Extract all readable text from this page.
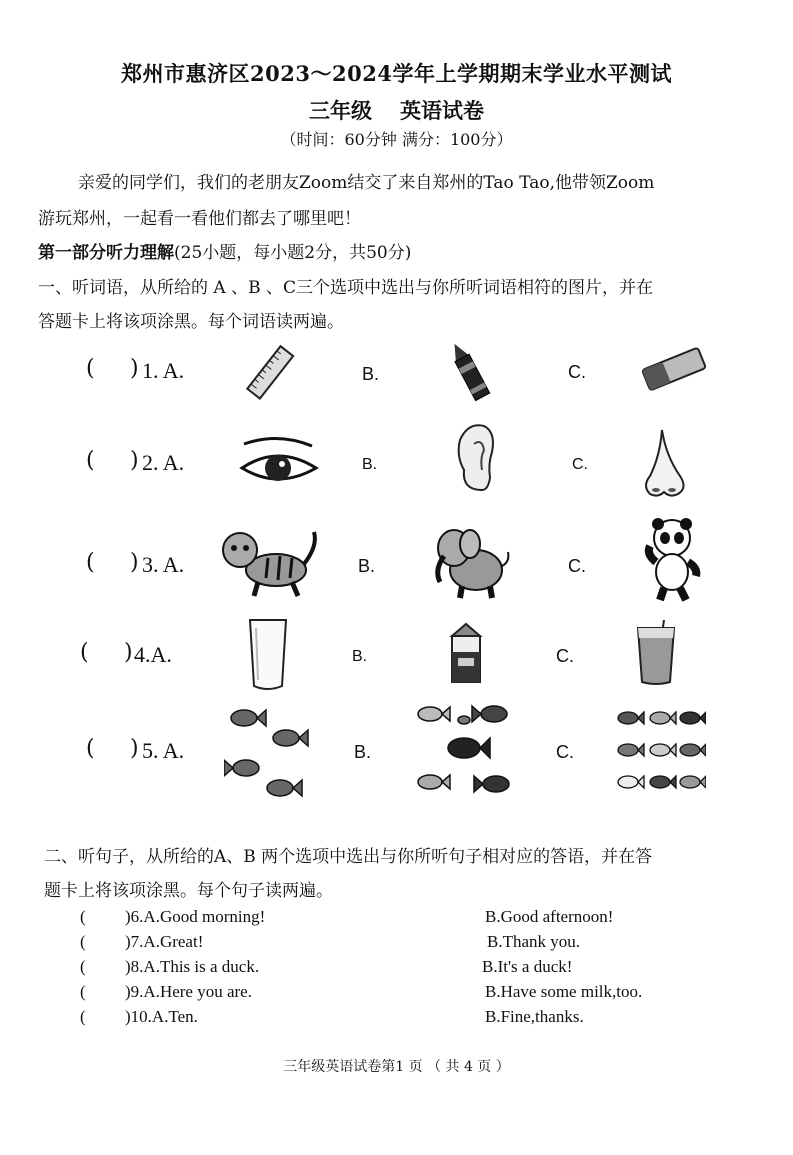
郑州市惠济区2023～2024学年上学期期末学业水平测试
三年级 英语试卷
（时间：60分钟 满分：100分）
亲爱的同学们，我们的老朋友Zoom结交了来自郑州的Tao Tao,他带领Zoom
游玩郑州，一起看一看他们都去了哪里吧！
第一部分听力理解(25小题，每小题2分，共50分)
一、听词语，从所给的 A 、B 、C三个选项中选出与你所听词语相符的图片，并在
答题卡上将该项涂黑。每个词语读两遍。
( ) 1. A.	B.	C.
( ) 2. A.	B.	C.
( ) 3. A.	B.	C.
( ) 4.A.	B.	C.
( ) 5. A.	B.	C.
二、听句子，从所给的A、B 两个选项中选出与你所听句子相对应的答语，并在答
题卡上将该项涂黑。每个句子读两遍。
( )6.A.Good morning!	B.Good afternoon!
( )7.A.Great!	B.Thank you.
( )8.A.This is a duck.	B.It's a duck!
( )9.A.Here you are.	B.Have some milk,too.
( )10.A.Ten.	B.Fine,thanks.
三年级英语试卷第1 页 （ 共 4 页 ）
